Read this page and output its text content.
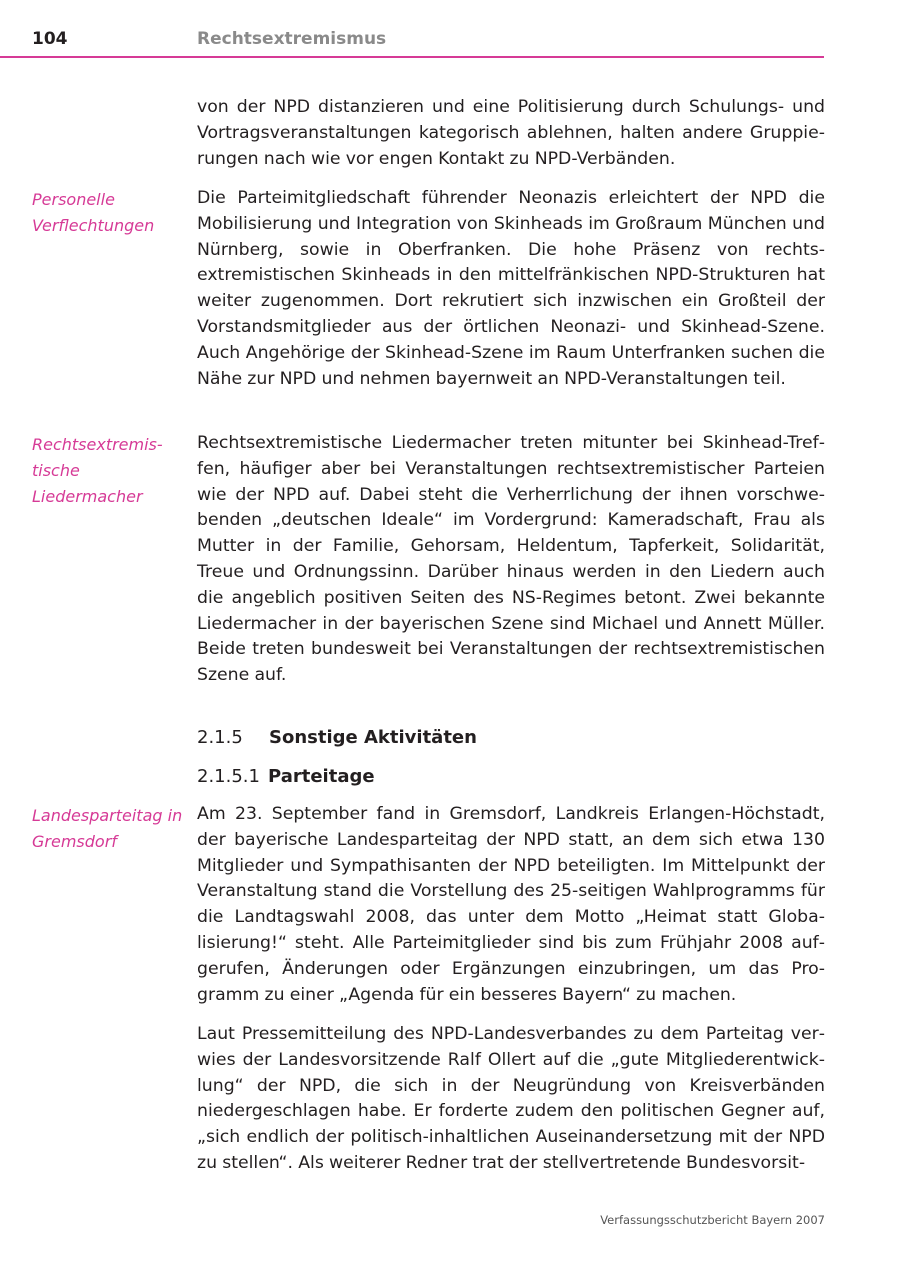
104	Rechtsextremismus

von der NPD distanzieren und eine Politisierung durch Schulungs- und Vortragsveranstaltungen kategorisch ablehnen, halten andere Gruppierungen nach wie vor engen Kontakt zu NPD-Verbänden.

Personelle Verflechtungen

Die Parteimitgliedschaft führender Neonazis erleichtert der NPD die Mobilisierung und Integration von Skinheads im Großraum München und Nürnberg, sowie in Oberfranken. Die hohe Präsenz von rechtsextremistischen Skinheads in den mittelfränkischen NPD-Strukturen hat weiter zugenommen. Dort rekrutiert sich inzwischen ein Großteil der Vorstandsmitglieder aus der örtlichen Neonazi- und Skinhead-Szene. Auch Angehörige der Skinhead-Szene im Raum Unterfranken suchen die Nähe zur NPD und nehmen bayernweit an NPD-Veranstaltungen teil.

Rechtsextremis-tische Liedermacher

Rechtsextremistische Liedermacher treten mitunter bei Skinhead-Treffen, häufiger aber bei Veranstaltungen rechtsextremistischer Parteien wie der NPD auf. Dabei steht die Verherrlichung der ihnen vorschwebenden „deutschen Ideale“ im Vordergrund: Kameradschaft, Frau als Mutter in der Familie, Gehorsam, Heldentum, Tapferkeit, Solidarität, Treue und Ordnungssinn. Darüber hinaus werden in den Liedern auch die angeblich positiven Seiten des NS-Regimes betont. Zwei bekannte Liedermacher in der bayerischen Szene sind Michael und Annett Müller. Beide treten bundesweit bei Veranstaltungen der rechtsextremistischen Szene auf.

2.1.5 Sonstige Aktivitäten
2.1.5.1 Parteitage
Landesparteitag in Gremsdorf

Am 23. September fand in Gremsdorf, Landkreis Erlangen-Höchstadt, der bayerische Landesparteitag der NPD statt, an dem sich etwa 130 Mitglieder und Sympathisanten der NPD beteiligten. Im Mittelpunkt der Veranstaltung stand die Vorstellung des 25-seitigen Wahlprogramms für die Landtagswahl 2008, das unter dem Motto „Heimat statt Globalisierung!“ steht. Alle Parteimitglieder sind bis zum Frühjahr 2008 aufgerufen, Änderungen oder Ergänzungen einzubringen, um das Programm zu einer „Agenda für ein besseres Bayern“ zu machen.

Laut Pressemitteilung des NPD-Landesverbandes zu dem Parteitag verwies der Landesvorsitzende Ralf Ollert auf die „gute Mitgliederentwicklung“ der NPD, die sich in der Neugründung von Kreisverbänden niedergeschlagen habe. Er forderte zudem den politischen Gegner auf, „sich endlich der politisch-inhaltlichen Auseinandersetzung mit der NPD zu stellen“. Als weiterer Redner trat der stellvertretende Bundesvorsit-

Verfassungsschutzbericht Bayern 2007
